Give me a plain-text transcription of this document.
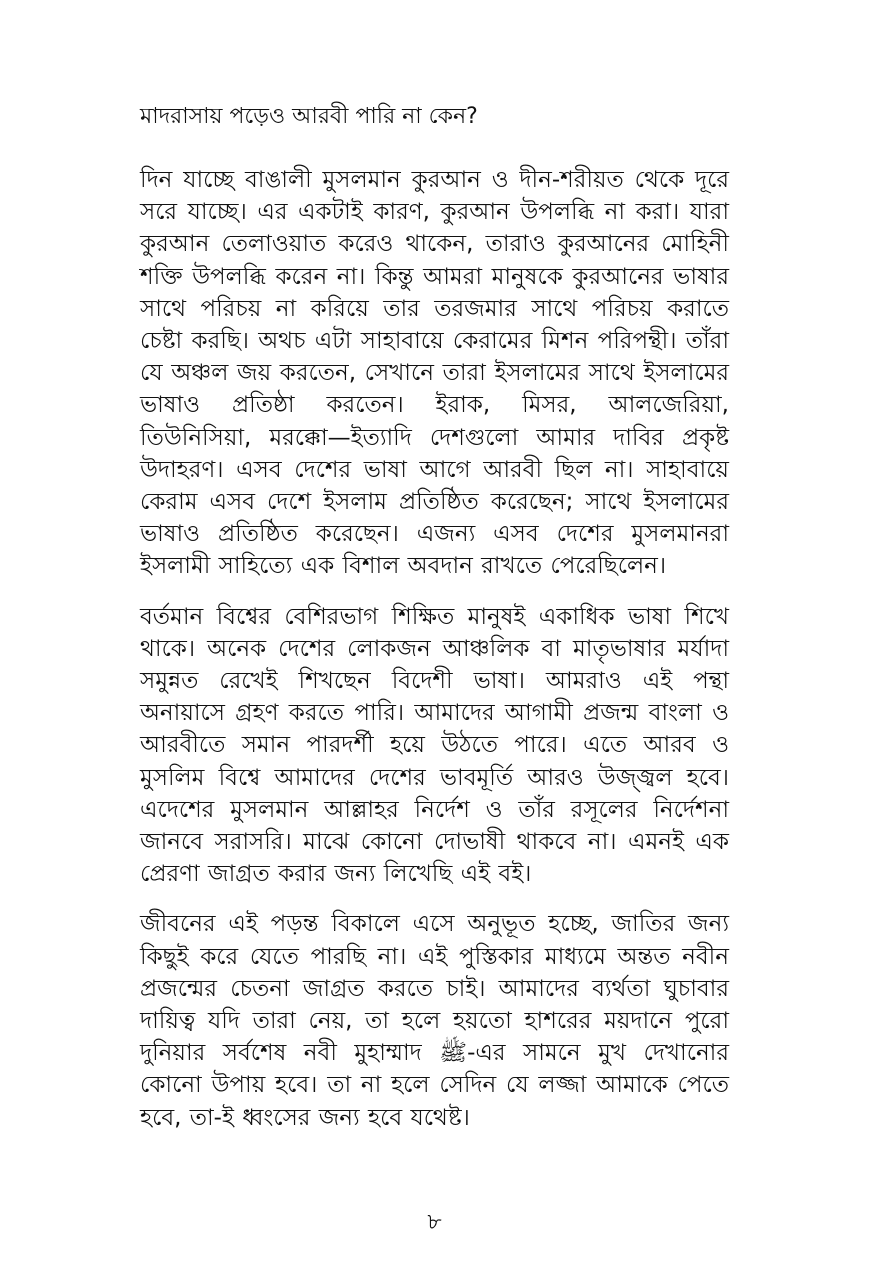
মাদরাসায় পড়েও আরবী পারি না কেন?

দিন যাচ্ছে বাঙালী মুসলমান কুরআন ও দীন-শরীয়ত থেকে দূরে সরে যাচ্ছে। এর একটাই কারণ, কুরআন উপলব্ধি না করা। যারা কুরআন তেলাওয়াত করেও থাকেন, তারাও কুরআনের মোহিনী শক্তি উপলব্ধি করেন না। কিন্তু আমরা মানুষকে কুরআনের ভাষার সাথে পরিচয় না করিয়ে তার তরজমার সাথে পরিচয় করাতে চেষ্টা করছি। অথচ এটা সাহাবায়ে কেরামের মিশন পরিপন্থী। তাঁরা যে অঞ্চল জয় করতেন, সেখানে তারা ইসলামের সাথে ইসলামের ভাষাও প্রতিষ্ঠা করতেন। ইরাক, মিসর, আলজেরিয়া, তিউনিসিয়া, মরক্কো—ইত্যাদি দেশগুলো আমার দাবির প্রকৃষ্ট উদাহরণ। এসব দেশের ভাষা আগে আরবী ছিল না। সাহাবায়ে কেরাম এসব দেশে ইসলাম প্রতিষ্ঠিত করেছেন; সাথে ইসলামের ভাষাও প্রতিষ্ঠিত করেছেন। এজন্য এসব দেশের মুসলমানরা ইসলামী সাহিত্যে এক বিশাল অবদান রাখতে পেরেছিলেন।

বর্তমান বিশ্বের বেশিরভাগ শিক্ষিত মানুষই একাধিক ভাষা শিখে থাকে। অনেক দেশের লোকজন আঞ্চলিক বা মাতৃভাষার মর্যাদা সমুন্নত রেখেই শিখছেন বিদেশী ভাষা। আমরাও এই পন্থা অনায়াসে গ্রহণ করতে পারি। আমাদের আগামী প্রজন্ম বাংলা ও আরবীতে সমান পারদর্শী হয়ে উঠতে পারে। এতে আরব ও মুসলিম বিশ্বে আমাদের দেশের ভাবমূর্তি আরও উজ্জ্বল হবে। এদেশের মুসলমান আল্লাহর নির্দেশ ও তাঁর রসূলের নির্দেশনা জানবে সরাসরি। মাঝে কোনো দোভাষী থাকবে না। এমনই এক প্রেরণা জাগ্রত করার জন্য লিখেছি এই বই।

জীবনের এই পড়ন্ত বিকালে এসে অনুভূত হচ্ছে, জাতির জন্য কিছুই করে যেতে পারছি না। এই পুস্তিকার মাধ্যমে অন্তত নবীন প্রজন্মের চেতনা জাগ্রত করতে চাই। আমাদের ব্যর্থতা ঘুচাবার দায়িত্ব যদি তারা নেয়, তা হলে হয়তো হাশরের ময়দানে পুরো দুনিয়ার সর্বশেষ নবী মুহাম্মাদ ﷺ-এর সামনে মুখ দেখানোর কোনো উপায় হবে। তা না হলে সেদিন যে লজ্জা আমাকে পেতে হবে, তা-ই ধ্বংসের জন্য হবে যথেষ্ট।

৮
